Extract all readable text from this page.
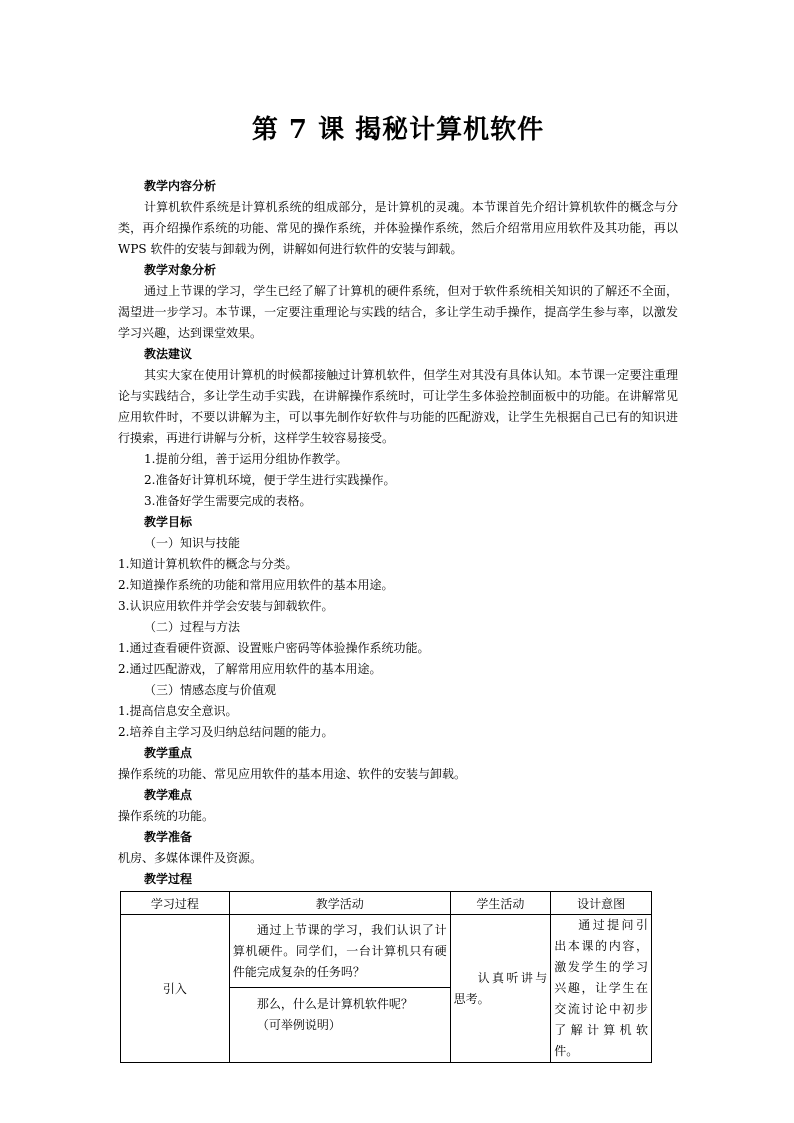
第 7 课 揭秘计算机软件
教学内容分析
计算机软件系统是计算机系统的组成部分，是计算机的灵魂。本节课首先介绍计算机软件的概念与分类，再介绍操作系统的功能、常见的操作系统，并体验操作系统，然后介绍常用应用软件及其功能，再以 WPS 软件的安装与卸载为例，讲解如何进行软件的安装与卸载。
教学对象分析
通过上节课的学习，学生已经了解了计算机的硬件系统，但对于软件系统相关知识的了解还不全面，渴望进一步学习。本节课，一定要注重理论与实践的结合，多让学生动手操作，提高学生参与率，以激发学习兴趣，达到课堂效果。
教法建议
其实大家在使用计算机的时候都接触过计算机软件，但学生对其没有具体认知。本节课一定要注重理论与实践结合，多让学生动手实践，在讲解操作系统时，可让学生多体验控制面板中的功能。在讲解常见应用软件时，不要以讲解为主，可以事先制作好软件与功能的匹配游戏，让学生先根据自己已有的知识进行摸索，再进行讲解与分析，这样学生较容易接受。
1.提前分组，善于运用分组协作教学。
2.准备好计算机环境，便于学生进行实践操作。
3.准备好学生需要完成的表格。
教学目标
（一）知识与技能
1.知道计算机软件的概念与分类。
2.知道操作系统的功能和常用应用软件的基本用途。
3.认识应用软件并学会安装与卸载软件。
（二）过程与方法
1.通过查看硬件资源、设置账户密码等体验操作系统功能。
2.通过匹配游戏，了解常用应用软件的基本用途。
（三）情感态度与价值观
1.提高信息安全意识。
2.培养自主学习及归纳总结问题的能力。
教学重点
操作系统的功能、常见应用软件的基本用途、软件的安装与卸载。
教学难点
操作系统的功能。
教学准备
机房、多媒体课件及资源。
教学过程
学习过程	教学活动	学生活动	设计意图
引入	通过上节课的学习，我们认识了计算机硬件。同学们，一台计算机只有硬件能完成复杂的任务吗？	认真听讲与思考。	通过提问引出本课的内容，激发学生的学习兴趣，让学生在交流讨论中初步了解计算机软件。

	那么，什么是计算机软件呢？
（可举例说明）		
